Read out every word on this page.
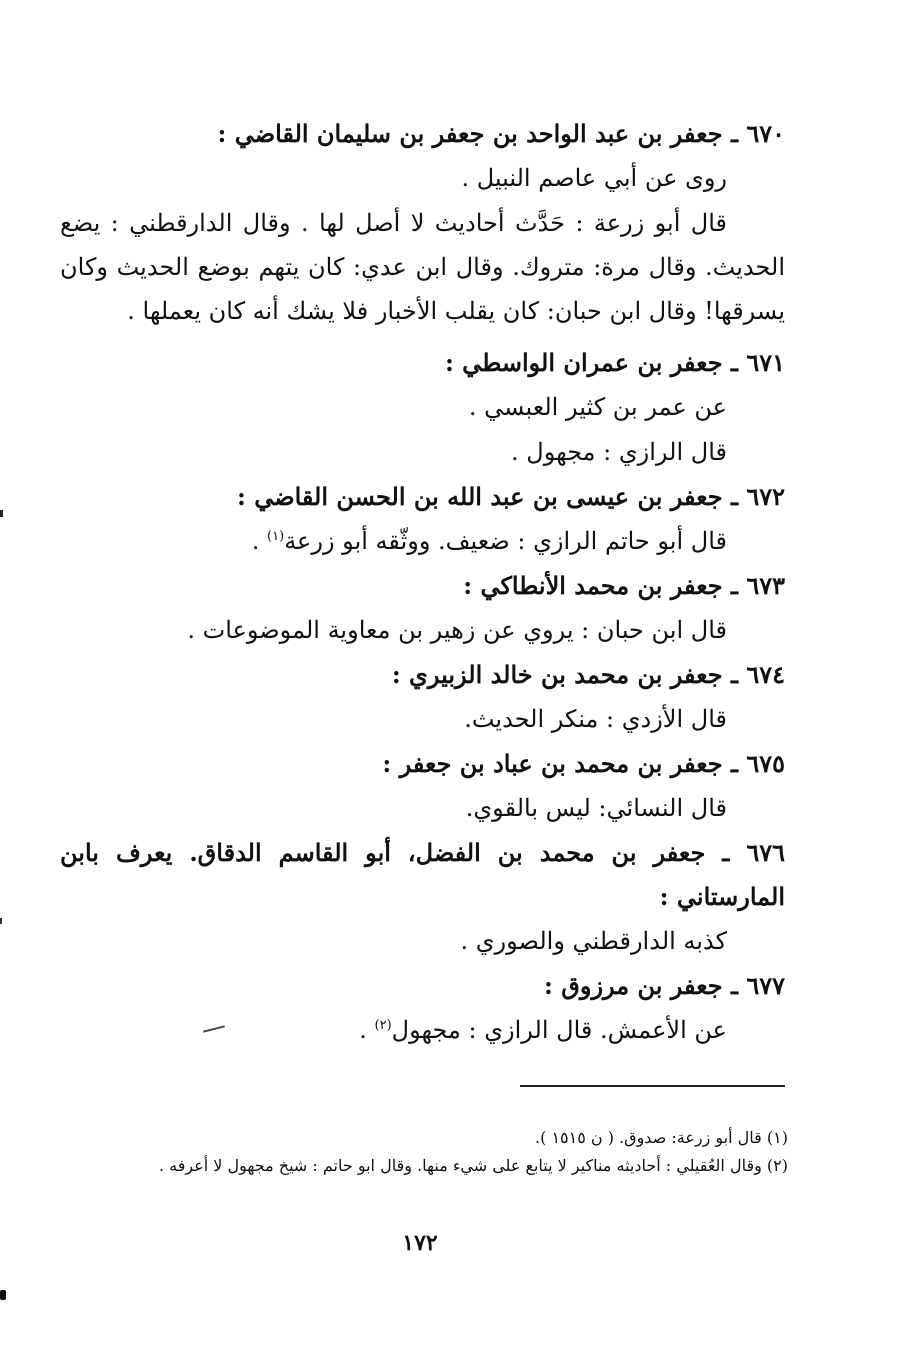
٦٧٠ ـ جعفر بن عبد الواحد بن جعفر بن سليمان القاضي :
روى عن أبي عاصم النبيل .
قال أبو زرعة : حَدَّث أحاديث لا أصل لها . وقال الدارقطني : يضع
الحديث. وقال مرة: متروك. وقال ابن عدي: كان يتهم بوضع الحديث وكان
يسرقها! وقال ابن حبان: كان يقلب الأخبار فلا يشك أنه كان يعملها .
٦٧١ ـ جعفر بن عمران الواسطي :
عن عمر بن كثير العبسي .
قال الرازي : مجهول .
٦٧٢ ـ جعفر بن عيسى بن عبد الله بن الحسن القاضي :
قال أبو حاتم الرازي : ضعيف. ووثّقه أبو زرعة$^{(١)}$ .
٦٧٣ ـ جعفر بن محمد الأنطاكي :
قال ابن حبان : يروي عن زهير بن معاوية الموضوعات .
٦٧٤ ـ جعفر بن محمد بن خالد الزبيري :
قال الأزدي : منكر الحديث.
٦٧٥ ـ جعفر بن محمد بن عباد بن جعفر :
قال النسائي: ليس بالقوي.
٦٧٦ ـ جعفر بن محمد بن الفضل، أبو القاسم الدقاق. يعرف بابن
المارستاني :
كذبه الدارقطني والصوري .
٦٧٧ ـ جعفر بن مرزوق :
عن الأعمش. قال الرازي : مجهول$^{(٢)}$ .
(١) قال أبو زرعة: صدوق. ( ن ١٥١٥ ).
(٢) وقال العُقيلي : أحاديثه مناكير لا يتابع على شيء منها. وقال ابو حاتم : شيخ مجهول لا أعرفه .
١٧٢
